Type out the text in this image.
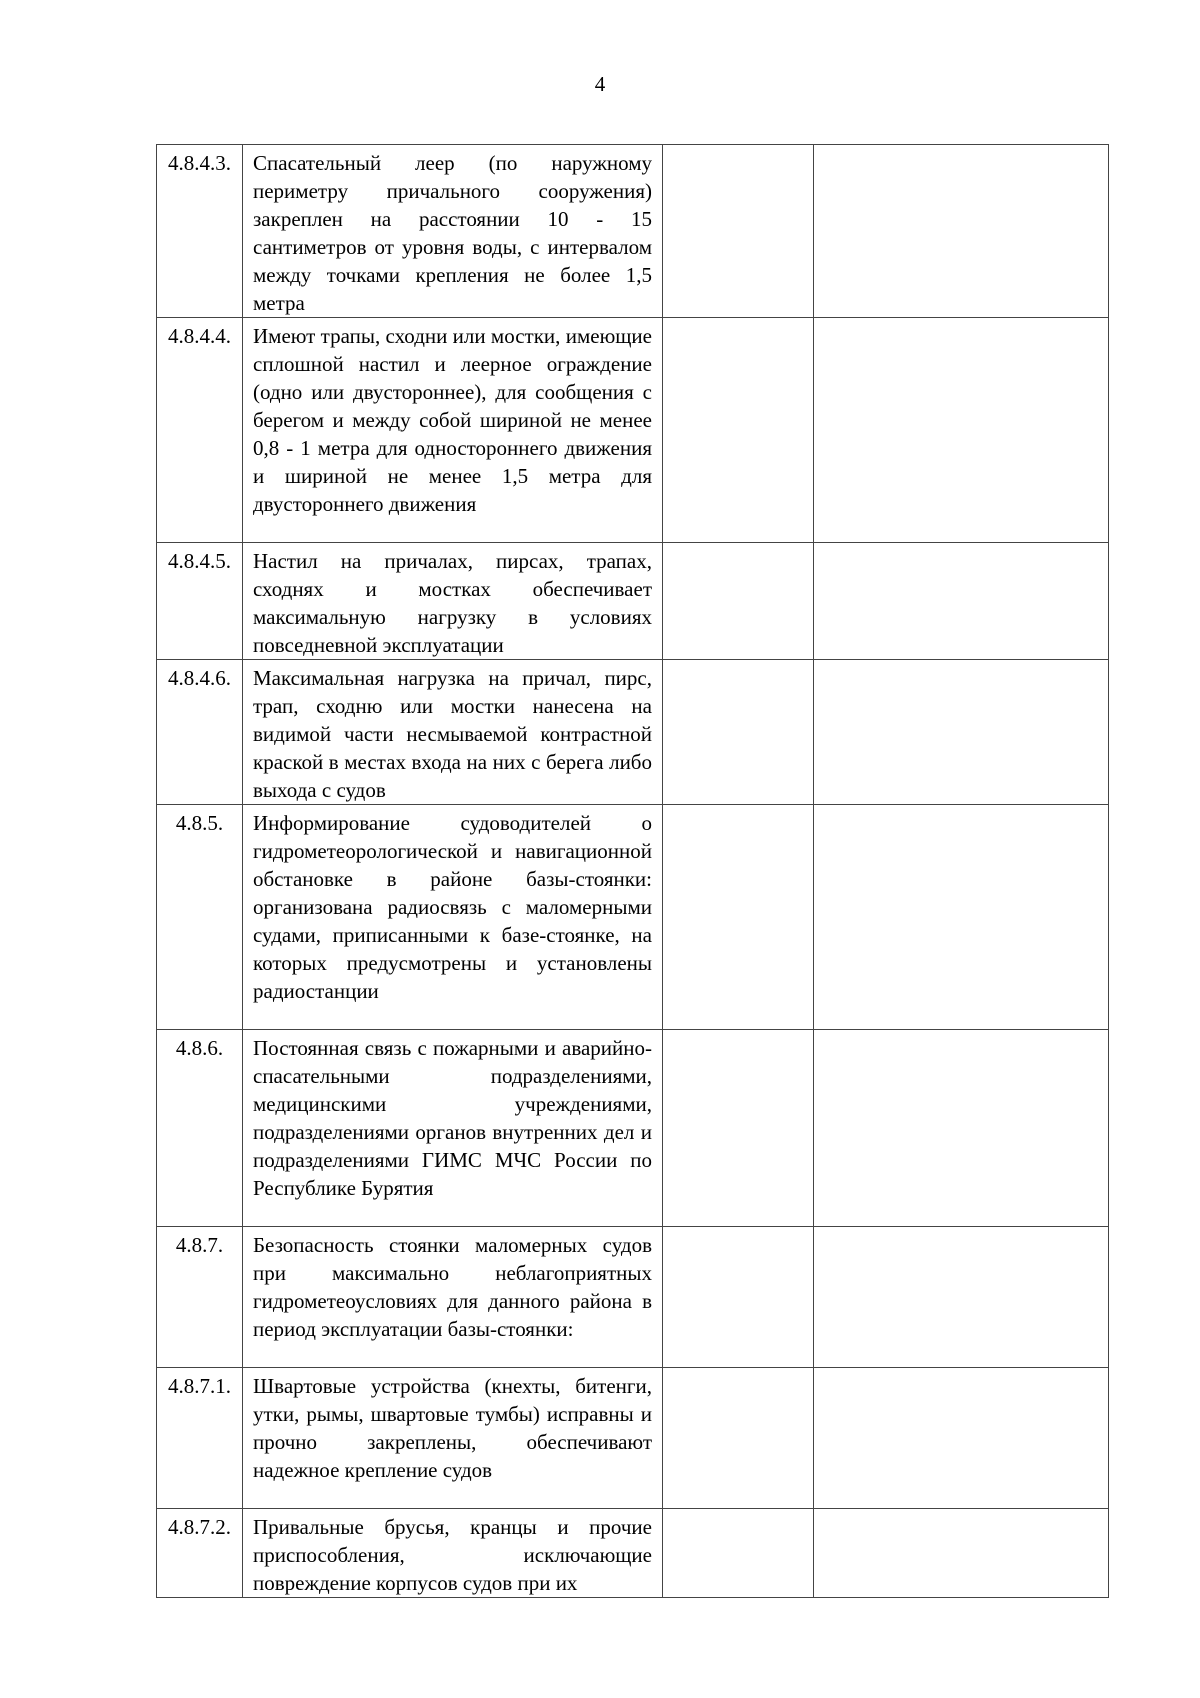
4
4.8.4.3.	Спасательный леер (по наружному периметру причального сооружения) закреплен на расстоянии 10 - 15 сантиметров от уровня воды, с интервалом между точками крепления не более 1,5 метра		
4.8.4.4.	Имеют трапы, сходни или мостки, имеющие сплошной настил и леерное ограждение (одно или двустороннее), для сообщения с берегом и между собой шириной не менее 0,8 - 1 метра для одностороннего движения и шириной не менее 1,5 метра для двустороннего движения		
4.8.4.5.	Настил на причалах, пирсах, трапах, сходнях и мостках обеспечивает максимальную нагрузку в условиях повседневной эксплуатации		
4.8.4.6.	Максимальная нагрузка на причал, пирс, трап, сходню или мостки нанесена на видимой части несмываемой контрастной краской в местах входа на них с берега либо выхода с судов		
4.8.5.	Информирование судоводителей о гидрометеорологической и навигационной обстановке в районе базы-стоянки: организована радиосвязь с маломерными судами, приписанными к базе-стоянке, на которых предусмотрены и установлены радиостанции		
4.8.6.	Постоянная связь с пожарными и аварийно-спасательными подразделениями, медицинскими учреждениями, подразделениями органов внутренних дел и подразделениями ГИМС МЧС России по Республике Бурятия		
4.8.7.	Безопасность стоянки маломерных судов при максимально неблагоприятных гидрометеоусловиях для данного района в период эксплуатации базы-стоянки:		
4.8.7.1.	Швартовые устройства (кнехты, битенги, утки, рымы, швартовые тумбы) исправны и прочно закреплены, обеспечивают надежное крепление судов		
4.8.7.2.	Привальные брусья, кранцы и прочие приспособления, исключающие повреждение корпусов судов при их		
